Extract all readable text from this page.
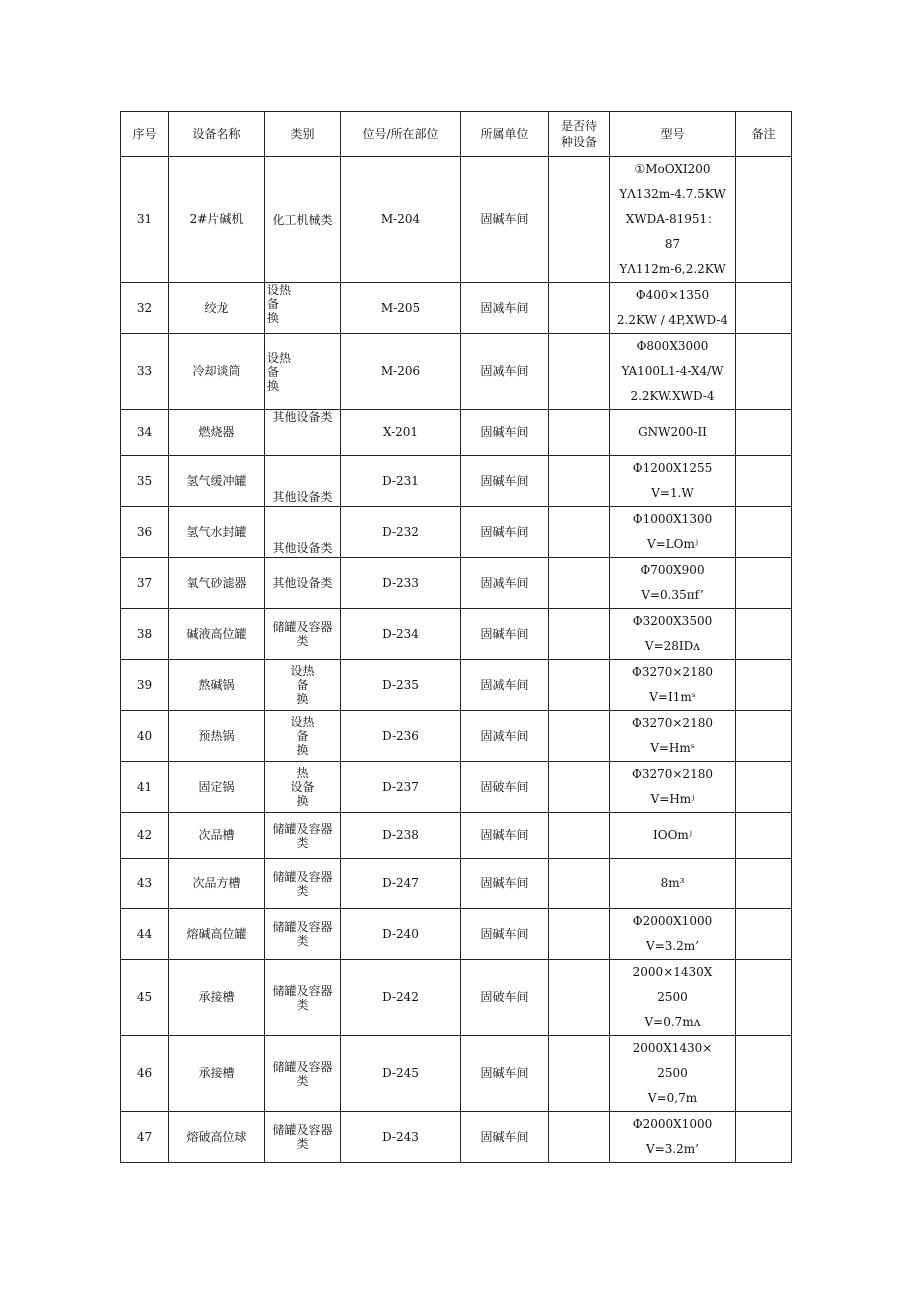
序号	设备名称	类别	位号/所在部位	所属单位	是否待
种设备	型号	备注
31	2#片碱机	化工机械类	M-204	固碱车间		①MoOXI200
YΛ132m-4.7.5KW
XWDA-81951：
87
YΛ112m-6,2.2KW	

32	绞龙	设热
备
换	M-205	固减车间		Φ400×1350
2.2KW / 4P,XWD-4	

33	冷却谈筒	设热
备
换	M-206	固减车间		Φ800X3000
YA100L1-4-X4/W
2.2KW.XWD-4	

34	燃烧器	其他设备类	X-201	固碱车间		GNW200-II	

35	氢气缓冲罐	其他设备类	D-231	固碱车间		Φ1200X1255
V=1.W	

36	氢气水封罐	其他设备类	D-232	固碱车间		Φ1000X1300
V=LOmʲ	

37	氧气砂滤器	其他设备类	D-233	固减车间		Φ700X900
V=0.35πf’	

38	碱液高位罐	储罐及容器
类	D-234	固碱车间		Φ3200X3500
V=28IDᴧ	

39	熬碱锅	设热
备
换	D-235	固减车间		Φ3270×2180
V=I1mˢ	

40	预热锅	设热
备
换	D-236	固减车间		Φ3270×2180
V=Hmˢ	

41	固定锅	热
设备
换	D-237	固破车间		Φ3270×2180
V=Hmʲ	

42	次品槽	储罐及容器
类	D-238	固碱车间		IOOmʲ	

43	次品方槽	储罐及容器
类	D-247	固碱车间		8m³	

44	熔碱高位罐	储罐及容器
类	D-240	固碱车间		Φ2000X1000
V=3.2m’	

45	承接槽	储罐及容器
类	D-242	固破车间		2000×1430X
2500
V=0.7mᴧ	

46	承接槽	储罐及容器
类	D-245	固碱车间		2000X1430×
2500
V=0,7m	

47	熔破高位球	储罐及容器
类	D-243	固碱车间		Φ2000X1000
V=3.2m’	
